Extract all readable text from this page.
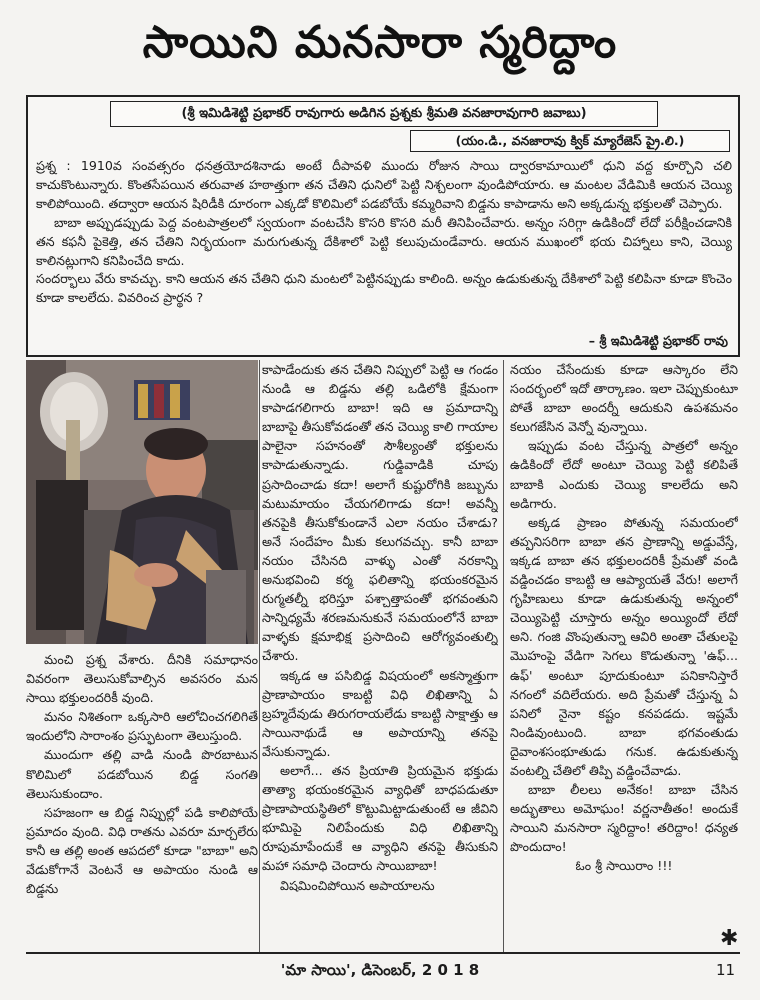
సాయిని మనసారా స్మరిద్దాం
(శ్రీ ఇమిడిశెట్టి ప్రభాకర్ రావుగారు అడిగిన ప్రశ్నకు శ్రీమతి వనజారావుగారి జవాబు)
(యం.డి., వనజారావు క్విక్ మ్యారేజెస్ ప్రై.లి.)

ప్రశ్న : 1910వ సంవత్సరం ధనత్రయోదశినాడు అంటే దీపావళి ముందు రోజున సాయి ద్వారకామాయిలో ధుని వద్ద కూర్చొని చలి కాచుకొంటున్నారు. కొంతసేపయిన తరువాత హఠాత్తుగా తన చేతిని ధునిలో పెట్టి నిశ్చలంగా వుండిపోయారు. ఆ మంటల వేడిమికి ఆయన చెయ్యి కాలిపోయింది. తద్వారా ఆయన షిరిడీకి దూరంగా ఎక్కడో కొలిమిలో పడబోయే కమ్మరివాని బిడ్డను కాపాడాను అని అక్కడున్న భక్తులతో చెప్పారు.

బాబా అప్పుడప్పుడు పెద్ద వంటపాత్రలలో స్వయంగా వంటచేసి కొసరి కొసరి మరీ తినిపించేవారు. అన్నం సరిగ్గా ఉడికిందో లేదో పరీక్షించడానికి తన కఫనీ పైకెత్తి, తన చేతిని నిర్భయంగా మరుగుతున్న దేకిశాలో పెట్టి కలుపుచుండేవారు. ఆయన ముఖంలో భయ చిహ్నాలు కాని, చెయ్యి కాలినట్లుగాని కనిపించేది కాదు.

సందర్భాలు వేరు కావచ్చు. కాని ఆయన తన చేతిని ధుని మంటలో పెట్టినప్పుడు కాలింది. అన్నం ఉడుకుతున్న దేకిశాలో పెట్టి కలిపినా కూడా కొంచెం కూడా కాలలేదు. వివరించ ప్రార్థన ?

– శ్రీ ఇమిడిశెట్టి ప్రభాకర్ రావు

మంచి ప్రశ్న వేశారు. దీనికి సమాధానం వివరంగా తెలుసుకోవాల్సిన అవసరం మన సాయి భక్తులందరికీ వుంది.

మనం నిశితంగా ఒక్కసారి ఆలోచించగలిగితే ఇందులోని సారాంశం ప్రస్ఫుటంగా తెలుస్తుంది.

ముందుగా తల్లి వాడి నుండి పొరబాటున కొలిమిలో పడబోయిన బిడ్డ సంగతి తెలుసుకుందాం.

సహజంగా ఆ బిడ్డ నిప్పుల్లో పడి కాలిపోయే ప్రమాదం వుంది. విధి రాతను ఎవరూ మార్చలేరు కానీ ఆ తల్లి అంత ఆపదలో కూడా "బాబా" అని వేడుకోగానే వెంటనే ఆ అపాయం నుండి ఆ బిడ్డను

కాపాడేందుకు తన చేతిని నిప్పులో పెట్టి ఆ గండం నుండి ఆ బిడ్డను తల్లి ఒడిలోకి క్షేమంగా కాపాడగలిగారు బాబా! ఇది ఆ ప్రమాదాన్ని బాబాపై తీసుకోవడంతో తన చెయ్యి కాలి గాయాల పాలైనా సహనంతో సౌశీల్యంతో భక్తులను కాపాడుతున్నాడు. గుడ్డివాడికి చూపు ప్రసాదించాడు కదా! అలాగే కుష్టురోగికి జబ్బును మటుమాయం చేయగలిగాడు కదా! అవన్నీ తనపైకి తీసుకోకుండానే ఎలా నయం చేశాడు? అనే సందేహం మీకు కలుగవచ్చు. కానీ బాబా నయం చేసినది వాళ్ళు ఎంతో నరకాన్ని అనుభవించి కర్మ ఫలితాన్ని భయంకరమైన రుగ్మతల్నీ భరిస్తూ పశ్చాత్తాపంతో భగవంతుని సాన్నిధ్యమే శరణమనుకునే సమయంలోనే బాబా వాళ్ళకు క్షమాభిక్ష ప్రసాదించి ఆరోగ్యవంతుల్ని చేశారు.

ఇక్కడ ఆ పసిబిడ్డ విషయంలో అకస్మాత్తుగా ప్రాణాపాయం కాబట్టి విధి లిఖితాన్ని ఏ బ్రహ్మదేవుడు తిరుగరాయలేడు కాబట్టి సాక్షాత్తు ఆ సాయినాథుడే ఆ అపాయాన్ని తనపై వేసుకున్నాడు.

అలాగే... తన ప్రియాతి ప్రియమైన భక్తుడు తాత్యా భయంకరమైన వ్యాధితో బాధపడుతూ ప్రాణాపాయస్థితిలో కొట్టుమిట్టాడుతుంటే ఆ జీవిని భూమిపై నిలిపేందుకు విధి లిఖితాన్ని రూపుమాపేందుకే ఆ వ్యాధిని తనపై తీసుకుని మహా సమాధి చెందారు సాయిబాబా!

విషమించిపోయిన అపాయాలను

నయం చేసేందుకు కూడా ఆస్కారం లేని సందర్భంలో ఇదో తార్కాణం. ఇలా చెప్పుకుంటూ పోతే బాబా అందర్నీ ఆదుకుని ఉపశమనం కలుగజేసిన వెన్నో వున్నాయి.

ఇప్పుడు వంట చేస్తున్న పాత్రలో అన్నం ఉడికిందో లేదో అంటూ చెయ్యి పెట్టి కలిపితే బాబాకి ఎందుకు చెయ్యి కాలలేదు అని అడిగారు.

అక్కడ ప్రాణం పోతున్న సమయంలో తప్పనిసరిగా బాబా తన ప్రాణాన్ని అడ్డువేస్తే, ఇక్కడ బాబా తన భక్తులందరికీ ప్రేమతో వండి వడ్డించడం కాబట్టి ఆ ఆప్యాయతే వేరు! అలాగే గృహిణులు కూడా ఉడుకుతున్న అన్నంలో చెయ్యిపెట్టి చూస్తారు అన్నం అయ్యిందో లేదో అని. గంజి వొంపుతున్నా ఆవిరి అంతా చేతులపై మొహంపై వేడిగా సెగలు కొడుతున్నా 'ఉఫ్... ఉఫ్' అంటూ పూదుకుంటూ పనికానిస్తారే నగంలో వదిలేయరు. అది ప్రేమతో చేస్తున్న ఏ పనిలో నైనా కష్టం కనపడదు. ఇష్టమే నిండివుంటుంది. బాబా భగవంతుడు దైవాంశసంభూతుడు గనుక. ఉడుకుతున్న వంటల్ని చేతిలో తిప్పి వడ్డించేవాడు.

బాబా లీలలు అనేకం! బాబా చేసిన అద్భుతాలు అమోఘం! వర్ణనాతీతం! అందుకే సాయిని మనసారా స్మరిద్దాం! తరిద్దాం! ధన్యత పొందుదాం!

ఓం శ్రీ సాయిరాం !!!

✱
'మా సాయి', డిసెంబర్, 2 0 1 8	11
